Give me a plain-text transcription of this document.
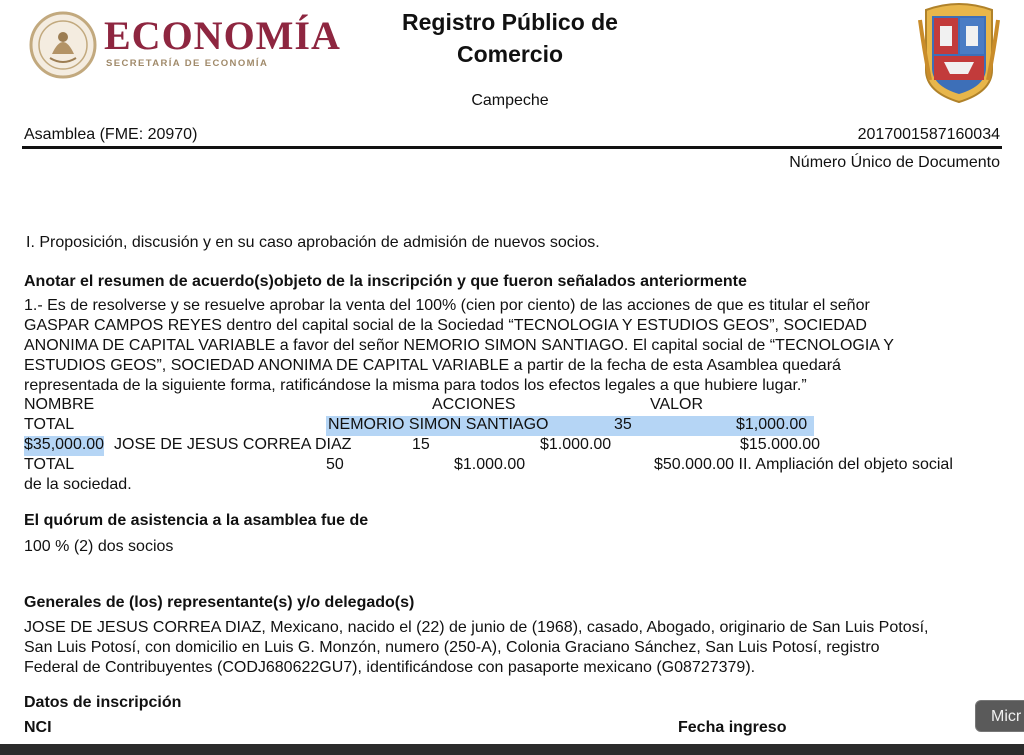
ECONOMÍA
SECRETARÍA DE ECONOMÍA
Registro Público de
Comercio
Campeche
Asamblea (FME: 20970)	2017001587160034
Número Único de Documento
I. Proposición, discusión y en su caso aprobación de admisión de nuevos socios.
Anotar el resumen de acuerdo(s)objeto de la inscripción y que fueron señalados anteriormente
1.- Es de resolverse y se resuelve aprobar la venta del 100% (cien por ciento) de las acciones de que es titular el señor
GASPAR CAMPOS REYES dentro del capital social de la Sociedad “TECNOLOGIA Y ESTUDIOS GEOS”, SOCIEDAD
ANONIMA DE CAPITAL VARIABLE a favor del señor NEMORIO SIMON SANTIAGO. El capital social de “TECNOLOGIA Y
ESTUDIOS GEOS”, SOCIEDAD ANONIMA DE CAPITAL VARIABLE a partir de la fecha de esta Asamblea quedará
representada de la siguiente forma, ratificándose la misma para todos los efectos legales a que hubiere lugar.”
NOMBRE	ACCIONES	VALOR
TOTAL	NEMORIO SIMON SANTIAGO	35	$1,000.00
$35,000.00 JOSE DE JESUS CORREA DIAZ	15	$1.000.00	$15.000.00
TOTAL	50	$1.000.00	$50.000.00 II. Ampliación del objeto social
de la sociedad.
El quórum de asistencia a la asamblea fue de
100 % (2) dos socios
Generales de (los) representante(s) y/o delegado(s)
JOSE DE JESUS CORREA DIAZ, Mexicano, nacido el (22) de junio de (1968), casado, Abogado, originario de San Luis Potosí,
San Luis Potosí, con domicilio en Luis G. Monzón, numero (250-A), Colonia Graciano Sánchez, San Luis Potosí, registro
Federal de Contribuyentes (CODJ680622GU7), identificándose con pasaporte mexicano (G08727379).
Datos de inscripción
NCI	Fecha ingreso
Micr
